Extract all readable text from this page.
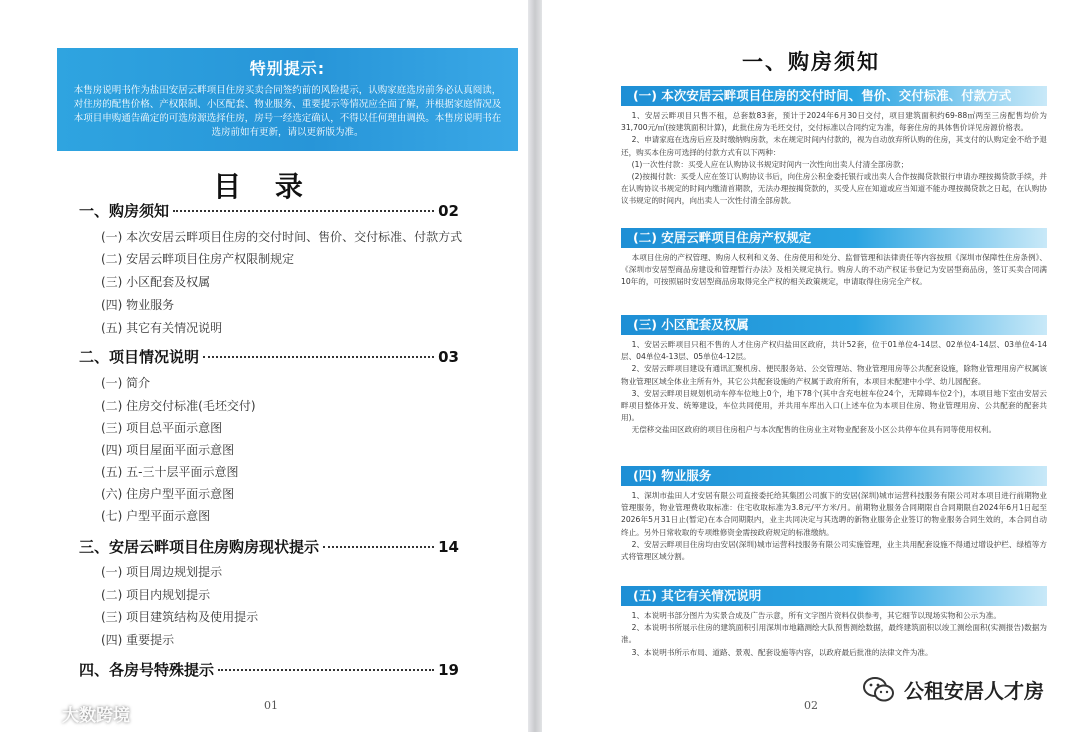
特别提示:
本售房说明书作为盐田安居云畔项目住房买卖合同签约前的风险提示，认购家庭选房前务必认真阅读，对住房的配售价格、产权限制、小区配套、物业服务、重要提示等情况应全面了解，并根据家庭情况及本项目申购通告确定的可选房源选择住房，房号一经选定确认，不得以任何理由调换。本售房说明书在选房前如有更新，请以更新版为准。
目 录
一、购房须知	02
(一) 本次安居云畔项目住房的交付时间、售价、交付标准、付款方式
(二) 安居云畔项目住房产权限制规定
(三) 小区配套及权属
(四) 物业服务
(五) 其它有关情况说明
二、项目情况说明	03
(一) 简介
(二) 住房交付标准(毛坯交付)
(三) 项目总平面示意图
(四) 项目屋面平面示意图
(五) 五-三十层平面示意图
(六) 住房户型平面示意图
(七) 户型平面示意图
三、安居云畔项目住房购房现状提示	14
(一) 项目周边规划提示
(二) 项目内规划提示
(三) 项目建筑结构及使用提示
(四) 重要提示
四、各房号特殊提示	19
01
大数跨境
一、购房须知
(一) 本次安居云畔项目住房的交付时间、售价、交付标准、付款方式

1、安居云畔项目只售不租，总套数83套，预计于2024年6月30日交付，项目建筑面积约69-88㎡两至三房配售均价为31,700元/㎡(按建筑面积计算)，此批住房为毛坯交付，交付标准以合同约定为准，每套住房的具体售价详见房源价格表。

2、申请家庭在选房后应及时缴纳购房款，未在规定时间内付款的，视为自动放弃所认购的住房，其支付的认购定金不给予退还，购买本住房可选择的付款方式有以下两种：

(1)一次性付款：买受人应在认购协议书规定时间内一次性向出卖人付清全部房款；

(2)按揭付款：买受人应在签订认购协议书后，向住房公积金委托银行或出卖人合作按揭贷款银行申请办理按揭贷款手续，并在认购协议书规定的时间内缴清首期款，无法办理按揭贷款的，买受人应在知道或应当知道不能办理按揭贷款之日起，在认购协议书规定的时间内，向出卖人一次性付清全部房款。

(二) 安居云畔项目住房产权规定

本项目住房的产权管理、购房人权利和义务、住房使用和处分、监督管理和法律责任等内容按照《深圳市保障性住房条例》、《深圳市安居型商品房建设和管理暂行办法》及相关规定执行。购房人的不动产权证书登记为安居型商品房，签订买卖合同满10年的，可按照届时安居型商品房取得完全产权的相关政策规定，申请取得住房完全产权。

(三) 小区配套及权属

1、安居云畔项目只租不售的人才住房产权归盐田区政府，共计52套，位于01单位4-14层、02单位4-14层、03单位4-14层、04单位4-13层、05单位4-12层。

2、安居云畔项目建设有通讯汇聚机房、便民服务站、公交管理站、物业管理用房等公共配套设施，除物业管理用房产权属该物业管理区域全体业主所有外，其它公共配套设施的产权属于政府所有，本项目未配建中小学、幼儿园配套。

3、安居云畔项目规划机动车停车位地上0个，地下78个(其中含充电桩车位24个，无障碍车位2个)，本项目地下室由安居云畔项目整体开发、统筹建设，车位共同使用，并共用车库出入口(上述车位为本项目住房、物业管理用房、公共配套的配套共用)。

无偿移交盐田区政府的项目住房租户与本次配售的住房业主对物业配套及小区公共停车位具有同等使用权利。

(四) 物业服务

1、深圳市盐田人才安居有限公司直接委托给其集团公司旗下的安居(深圳)城市运营科技服务有限公司对本项目进行前期物业管理服务，物业管理费收取标准：住宅收取标准为3.8元/平方米/月。前期物业服务合同期限自合同期限自2024年6月1日起至2026年5月31日止(暂定)在本合同期限内，业主共同决定与其选聘的新物业服务企业签订的物业服务合同生效的，本合同自动终止。另外日常收取的专项维修资金需按政府规定的标准缴纳。

2、安居云畔项目住房均由安居(深圳)城市运营科技服务有限公司实施管理，业主共用配套设施不得通过增设护栏、绿植等方式将管理区域分割。

(五) 其它有关情况说明

1、本说明书部分图片为实景合成及广告示意，所有文字图片资料仅供参考，其它细节以现场实物和公示为准。

2、本说明书所展示住房的建筑面积引用深圳市地籍测绘大队预售测绘数据，最终建筑面积以竣工测绘面积(实测报告)数据为准。

3、本说明书所示布局、道路、景观、配套设施等内容，以政府最后批准的法律文件为准。

02
公租安居人才房
